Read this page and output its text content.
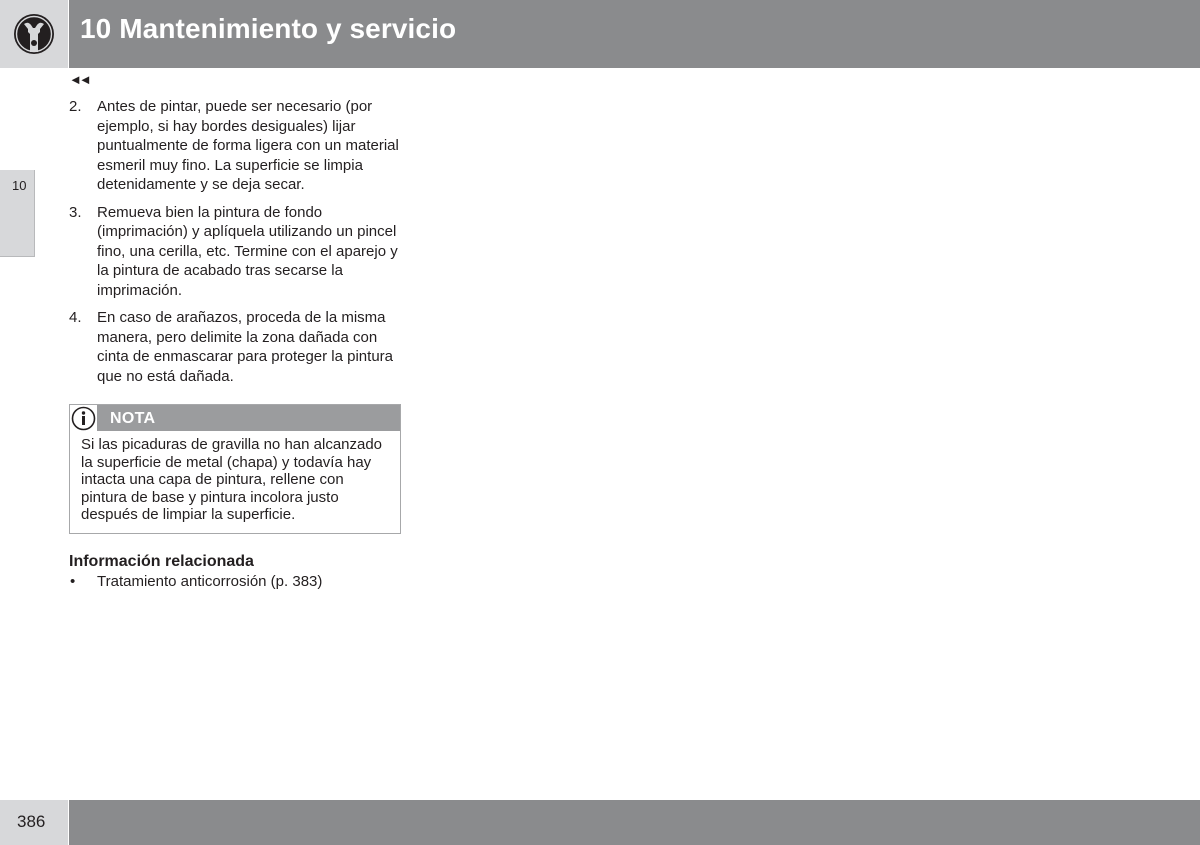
10 Mantenimiento y servicio
10
◄◄
2. Antes de pintar, puede ser necesario (por ejemplo, si hay bordes desiguales) lijar puntualmente de forma ligera con un material esmeril muy fino. La superficie se limpia detenidamente y se deja secar.
3. Remueva bien la pintura de fondo (imprimación) y aplíquela utilizando un pincel fino, una cerilla, etc. Termine con el aparejo y la pintura de acabado tras secarse la imprimación.
4. En caso de arañazos, proceda de la misma manera, pero delimite la zona dañada con cinta de enmascarar para proteger la pintura que no está dañada.
NOTA
Si las picaduras de gravilla no han alcanzado la superficie de metal (chapa) y todavía hay intacta una capa de pintura, rellene con pintura de base y pintura incolora justo después de limpiar la superficie.
Información relacionada
• Tratamiento anticorrosión (p. 383)
386
